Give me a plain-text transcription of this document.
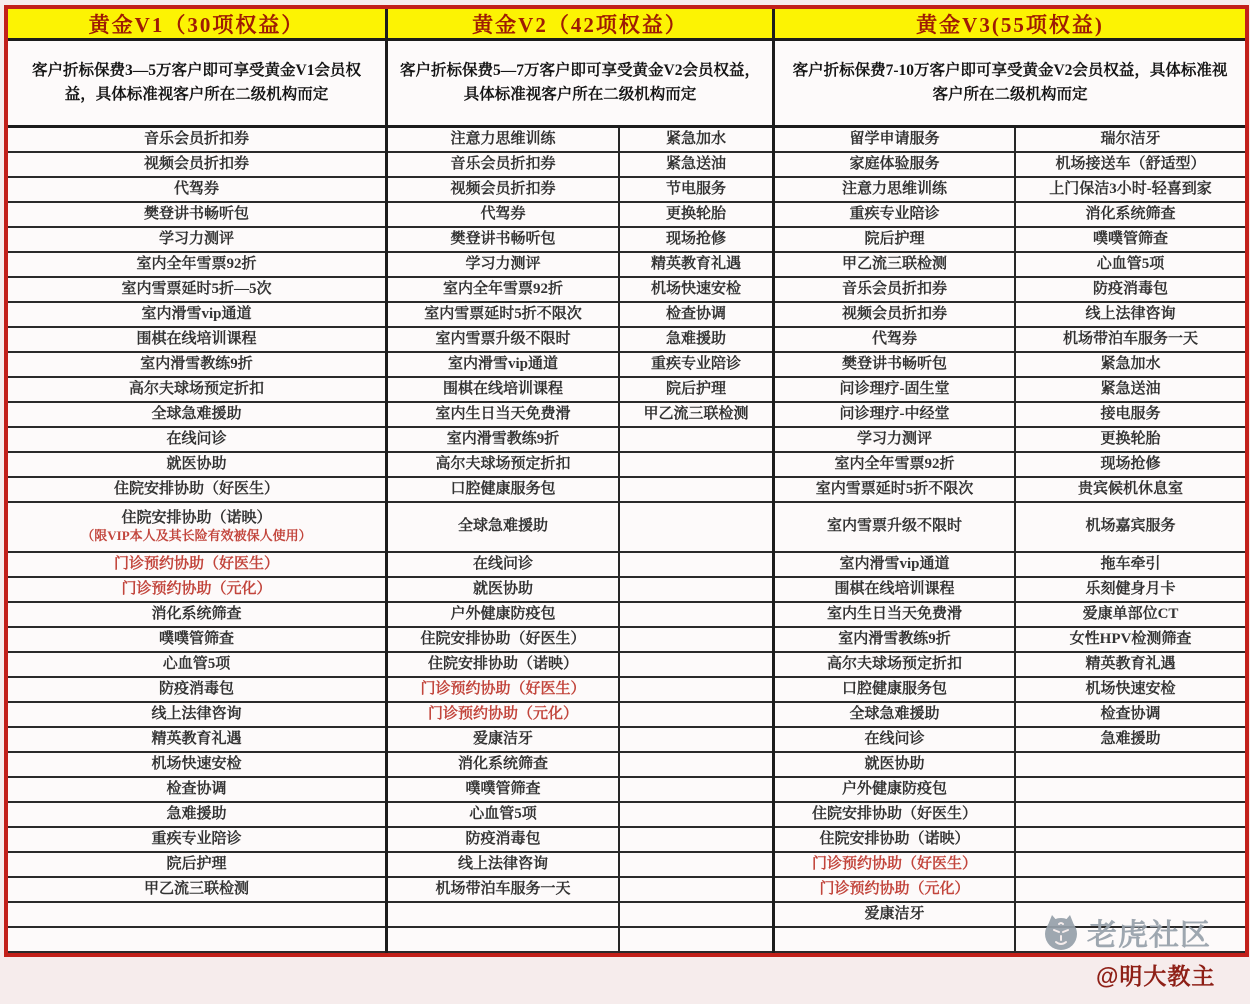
黄金V1（30项权益）	黄金V2（42项权益）	黄金V3(55项权益)
客户折标保费3—5万客户即可享受黄金V1会员权益，具体标准视客户所在二级机构而定
客户折标保费5—7万客户即可享受黄金V2会员权益，具体标准视客户所在二级机构而定
客户折标保费7-10万客户即可享受黄金V2会员权益，具体标准视客户所在二级机构而定
音乐会员折扣券
视频会员折扣券
代驾券
樊登讲书畅听包
学习力测评
室内全年雪票92折
室内雪票延时5折—5次
室内滑雪vip通道
围棋在线培训课程
室内滑雪教练9折
高尔夫球场预定折扣
全球急难援助
在线问诊
就医协助
住院安排协助（好医生）
住院安排协助（诺映）
（限VIP本人及其长险有效被保人使用）
门诊预约协助（好医生）
门诊预约协助（元化）
消化系统筛查
噗噗管筛查
心血管5项
防疫消毒包
线上法律咨询
精英教育礼遇
机场快速安检
检查协调
急难援助
重疾专业陪诊
院后护理
甲乙流三联检测
注意力思维训练
音乐会员折扣券
视频会员折扣券
代驾券
樊登讲书畅听包
学习力测评
室内全年雪票92折
室内雪票延时5折不限次
室内雪票升级不限时
室内滑雪vip通道
围棋在线培训课程
室内生日当天免费滑
室内滑雪教练9折
高尔夫球场预定折扣
口腔健康服务包
全球急难援助
在线问诊
就医协助
户外健康防疫包
住院安排协助（好医生）
住院安排协助（诺映）
门诊预约协助（好医生）
门诊预约协助（元化）
爱康洁牙
消化系统筛查
噗噗管筛查
心血管5项
防疫消毒包
线上法律咨询
机场带泊车服务一天
紧急加水
紧急送油
节电服务
更换轮胎
现场抢修
精英教育礼遇
机场快速安检
检查协调
急难援助
重疾专业陪诊
院后护理
甲乙流三联检测
留学申请服务
家庭体验服务
注意力思维训练
重疾专业陪诊
院后护理
甲乙流三联检测
音乐会员折扣券
视频会员折扣券
代驾券
樊登讲书畅听包
问诊理疗-固生堂
问诊理疗-中经堂
学习力测评
室内全年雪票92折
室内雪票延时5折不限次
室内雪票升级不限时
室内滑雪vip通道
围棋在线培训课程
室内生日当天免费滑
室内滑雪教练9折
高尔夫球场预定折扣
口腔健康服务包
全球急难援助
在线问诊
就医协助
户外健康防疫包
住院安排协助（好医生）
住院安排协助（诺映）
门诊预约协助（好医生）
门诊预约协助（元化）
爱康洁牙
瑞尔洁牙
机场接送车（舒适型）
上门保洁3小时-轻喜到家
消化系统筛查
噗噗管筛查
心血管5项
防疫消毒包
线上法律咨询
机场带泊车服务一天
紧急加水
紧急送油
接电服务
更换轮胎
现场抢修
贵宾候机休息室
机场嘉宾服务
拖车牵引
乐刻健身月卡
爱康单部位CT
女性HPV检测筛查
精英教育礼遇
机场快速安检
检查协调
急难援助
老虎社区
@明大教主
